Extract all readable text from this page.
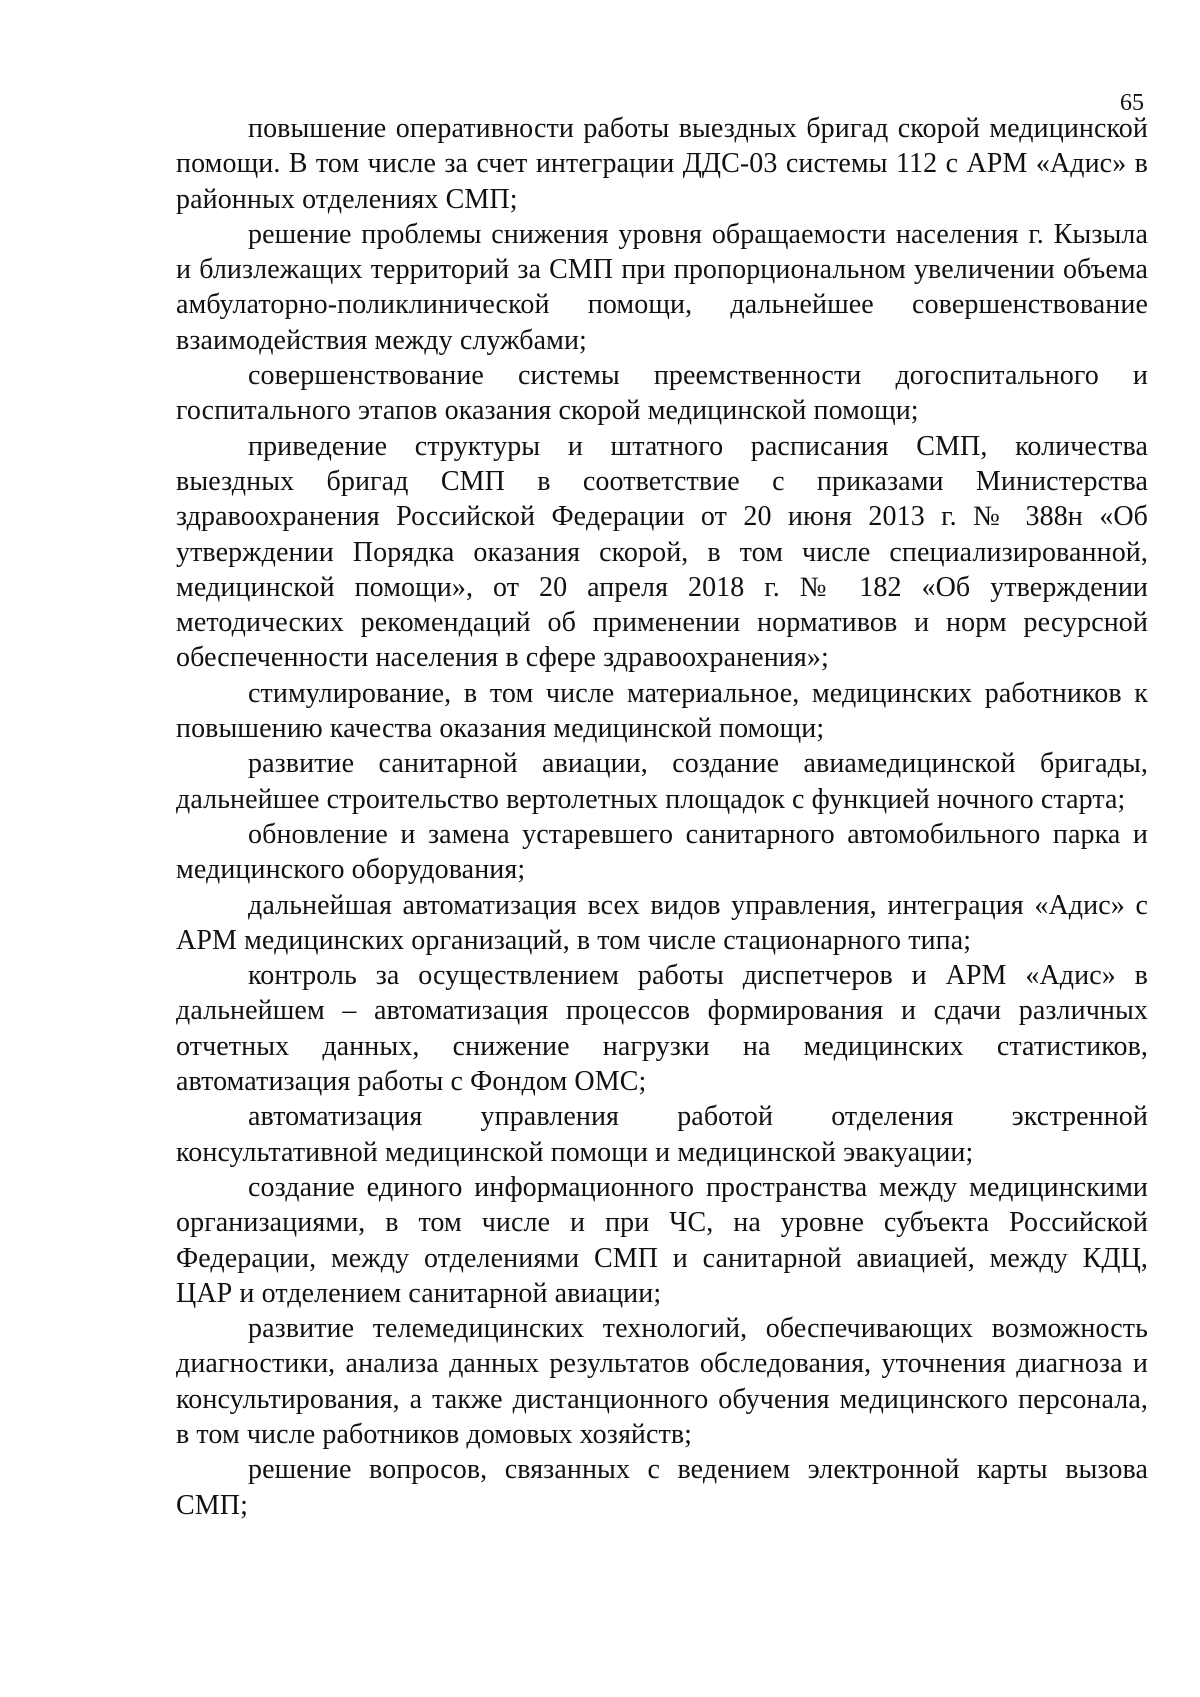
65

повышение оперативности работы выездных бригад скорой медицинской помощи. В том числе за счет интеграции ДДС-03 системы 112 с АРМ «Адис» в районных отделениях СМП;

решение проблемы снижения уровня обращаемости населения г. Кызыла и близлежащих территорий за СМП при пропорциональном увеличении объема амбулаторно-поликлинической помощи, дальнейшее совершенствование взаимодействия между службами;

совершенствование системы преемственности догоспитального и госпитального этапов оказания скорой медицинской помощи;

приведение структуры и штатного расписания СМП, количества выездных бригад СМП в соответствие с приказами Министерства здравоохранения Российской Федерации от 20 июня 2013 г. № 388н «Об утверждении Порядка оказания скорой, в том числе специализированной, медицинской помощи», от 20 апреля 2018 г. № 182 «Об утверждении методических рекомендаций об применении нормативов и норм ресурсной обеспеченности населения в сфере здравоохранения»;

стимулирование, в том числе материальное, медицинских работников к повышению качества оказания медицинской помощи;

развитие санитарной авиации, создание авиамедицинской бригады, дальнейшее строительство вертолетных площадок с функцией ночного старта;

обновление и замена устаревшего санитарного автомобильного парка и медицинского оборудования;

дальнейшая автоматизация всех видов управления, интеграция «Адис» с АРМ медицинских организаций, в том числе стационарного типа;

контроль за осуществлением работы диспетчеров и АРМ «Адис» в дальнейшем – автоматизация процессов формирования и сдачи различных отчетных данных, снижение нагрузки на медицинских статистиков, автоматизация работы с Фондом ОМС;

автоматизация управления работой отделения экстренной консультативной медицинской помощи и медицинской эвакуации;

создание единого информационного пространства между медицинскими организациями, в том числе и при ЧС, на уровне субъекта Российской Федерации, между отделениями СМП и санитарной авиацией, между КДЦ, ЦАР и отделением санитарной авиации;

развитие телемедицинских технологий, обеспечивающих возможность диагностики, анализа данных результатов обследования, уточнения диагноза и консультирования, а также дистанционного обучения медицинского персонала, в том числе работников домовых хозяйств;

решение вопросов, связанных с ведением электронной карты вызова СМП;
